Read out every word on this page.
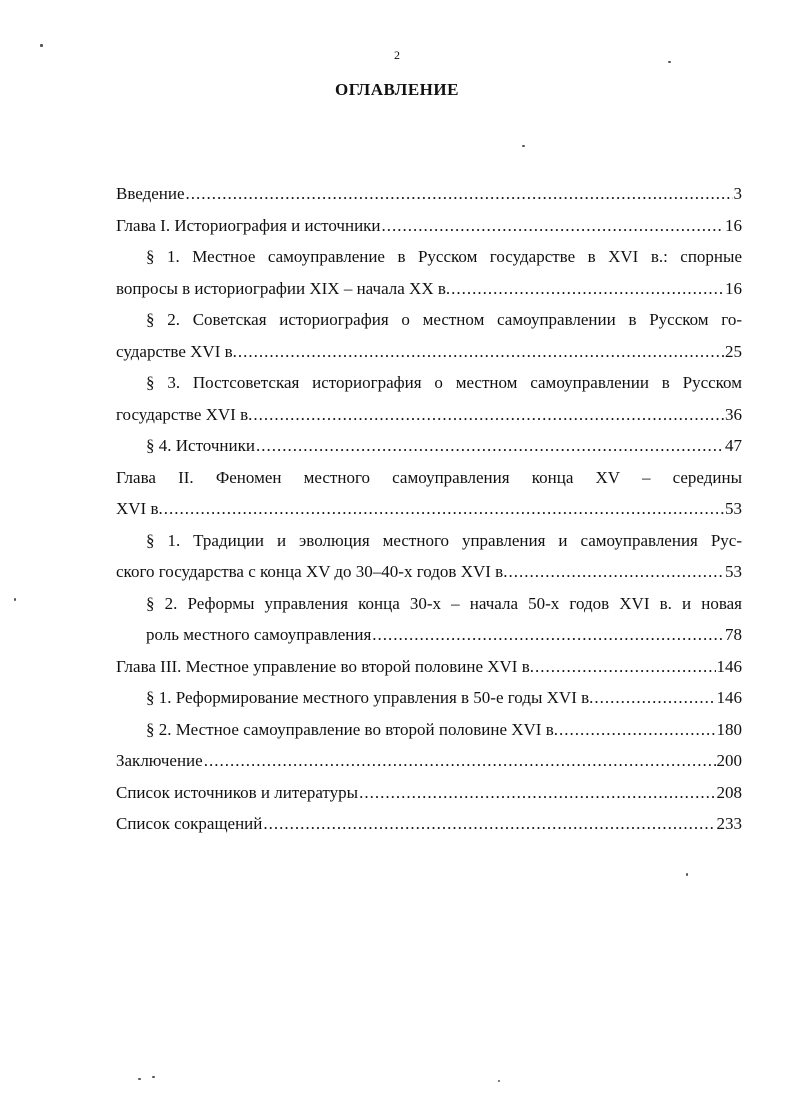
2
ОГЛАВЛЕНИЕ
Введение .....	3
Глава I. Историография и источники .....	16
§ 1. Местное самоуправление в Русском государстве в XVI в.: спорные
вопросы в историографии XIX – начала XX в. .....	16
§ 2. Советская историография о местном самоуправлении в Русском го-
сударстве XVI в. .....	25
§ 3. Постсоветская историография о местном самоуправлении в Русском
государстве XVI в. .....	36
§ 4. Источники .....	47
Глава II. Феномен местного самоуправления конца XV – середины
XVI в. .....	53
§ 1. Традиции и эволюция местного управления и самоуправления Рус-
ского государства с конца XV до 30–40-х годов XVI в. .....	53
§ 2. Реформы управления конца 30-х – начала 50-х годов XVI в. и новая
роль местного самоуправления .....	78
Глава III. Местное управление во второй половине XVI в. .....	146
§ 1. Реформирование местного управления в 50-е годы XVI в. .....	146
§ 2. Местное самоуправление во второй половине XVI в. .....	180
Заключение .....	200
Список источников и литературы .....	208
Список сокращений .....	233
